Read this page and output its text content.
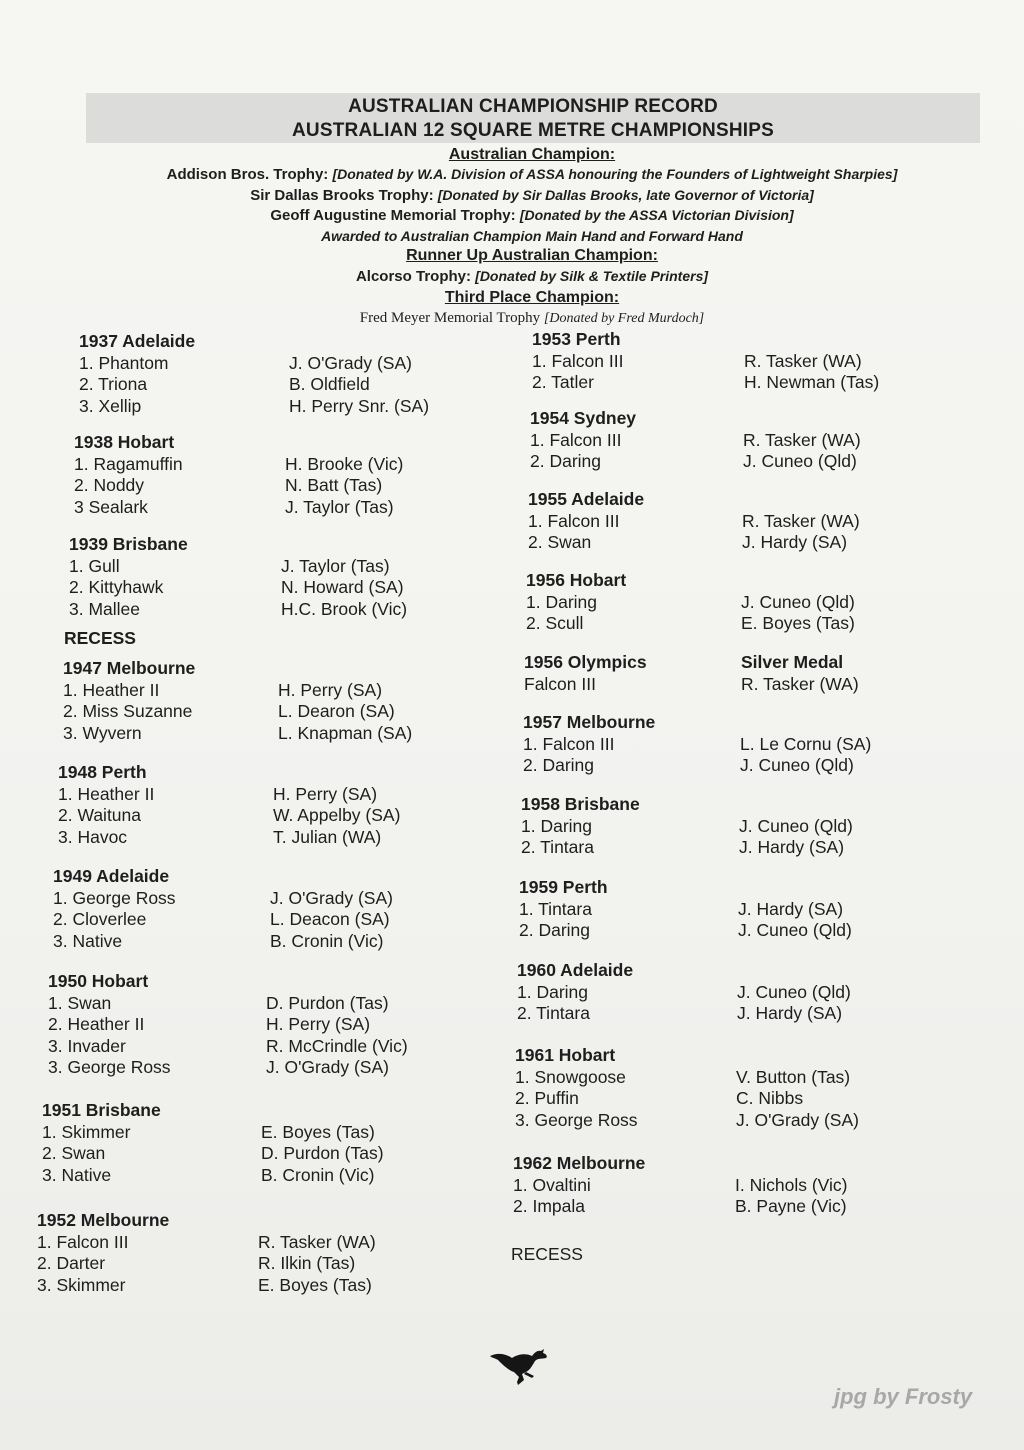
AUSTRALIAN CHAMPIONSHIP RECORD
AUSTRALIAN 12 SQUARE METRE CHAMPIONSHIPS
Australian Champion:
Addison Bros. Trophy: [Donated by W.A. Division of ASSA honouring the Founders of Lightweight Sharpies]
Sir Dallas Brooks Trophy: [Donated by Sir Dallas Brooks, late Governor of Victoria]
Geoff Augustine Memorial Trophy: [Donated by the ASSA Victorian Division]
Awarded to Australian Champion Main Hand and Forward Hand
Runner Up Australian Champion:
Alcorso Trophy: [Donated by Silk & Textile Printers]
Third Place Champion:
Fred Meyer Memorial Trophy [Donated by Fred Murdoch]
1937 Adelaide
1. Phantom	J. O'Grady (SA)
2. Triona	B. Oldfield
3. Xellip	H. Perry Snr. (SA)
1938 Hobart
1. Ragamuffin	H. Brooke (Vic)
2. Noddy	N. Batt (Tas)
3 Sealark	J. Taylor (Tas)
1939 Brisbane
1. Gull	J. Taylor (Tas)
2. Kittyhawk	N. Howard (SA)
3. Mallee	H.C. Brook (Vic)
1947 Melbourne
1. Heather II	H. Perry (SA)
2. Miss Suzanne	L. Dearon (SA)
3. Wyvern	L. Knapman (SA)
1948 Perth
1. Heather II	H. Perry (SA)
2. Waituna	W. Appelby (SA)
3. Havoc	T. Julian (WA)
1949 Adelaide
1. George Ross	J. O'Grady (SA)
2. Cloverlee	L. Deacon (SA)
3. Native	B. Cronin (Vic)
1950 Hobart
1. Swan	D. Purdon (Tas)
2. Heather II	H. Perry (SA)
3. Invader	R. McCrindle (Vic)
3. George Ross	J. O'Grady (SA)
1951 Brisbane
1. Skimmer	E. Boyes (Tas)
2. Swan	D. Purdon (Tas)
3. Native	B. Cronin (Vic)
1952 Melbourne
1. Falcon III	R. Tasker (WA)
2. Darter	R. Ilkin (Tas)
3. Skimmer	E. Boyes (Tas)
RECESS
1953 Perth
1. Falcon III	R. Tasker (WA)
2. Tatler	H. Newman (Tas)
1954 Sydney
1. Falcon III	R. Tasker (WA)
2. Daring	J. Cuneo (Qld)
1955 Adelaide
1. Falcon III	R. Tasker (WA)
2. Swan	J. Hardy (SA)
1956 Hobart
1. Daring	J. Cuneo (Qld)
2. Scull	E. Boyes (Tas)
1956 Olympics	Silver Medal
Falcon III	R. Tasker (WA)
1957 Melbourne
1. Falcon III	L. Le Cornu (SA)
2. Daring	J. Cuneo (Qld)
1958 Brisbane
1. Daring	J. Cuneo (Qld)
2. Tintara	J. Hardy (SA)
1959 Perth
1. Tintara	J. Hardy (SA)
2. Daring	J. Cuneo (Qld)
1960 Adelaide
1. Daring	J. Cuneo (Qld)
2. Tintara	J. Hardy (SA)
1961 Hobart
1. Snowgoose	V. Button (Tas)
2. Puffin	C. Nibbs
3. George Ross	J. O'Grady (SA)
1962 Melbourne
1. Ovaltini	I. Nichols (Vic)
2. Impala	B. Payne (Vic)
RECESS
jpg by Frosty
